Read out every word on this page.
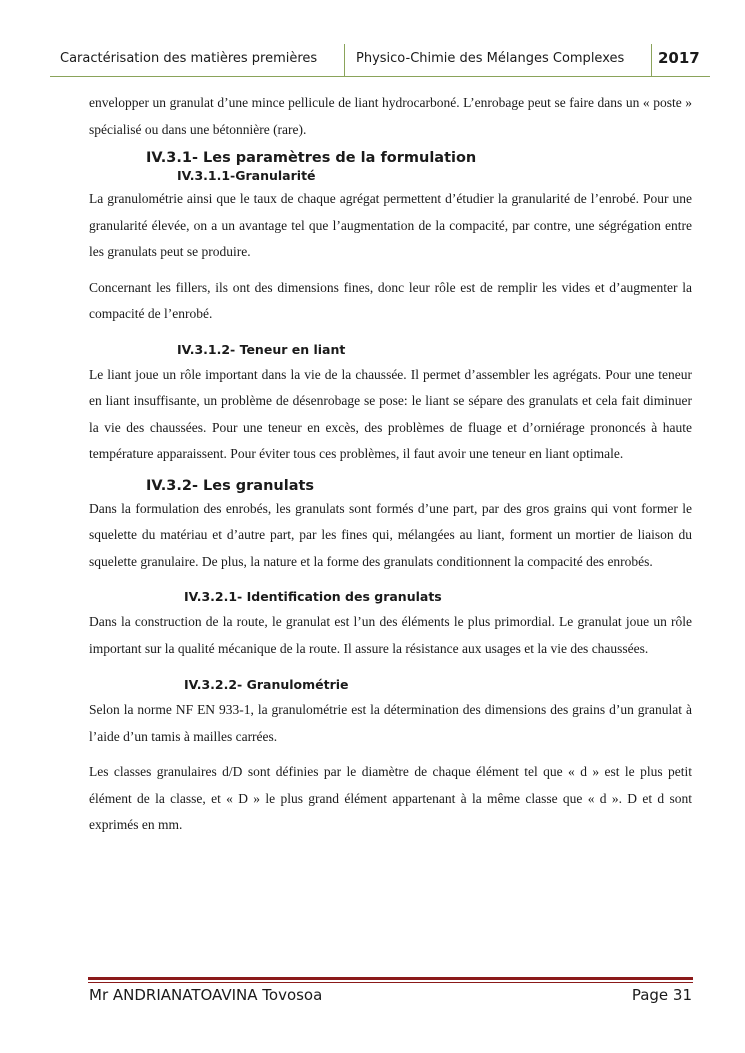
Caractérisation des matières premières	Physico-Chimie des Mélanges Complexes 2017

envelopper un granulat d’une mince pellicule de liant hydrocarboné. L’enrobage peut se faire dans un « poste » spécialisé ou dans une bétonnière (rare).

IV.3.1- Les paramètres de la formulation
IV.3.1.1-Granularité

La granulométrie ainsi que le taux de chaque agrégat permettent d’étudier la granularité de l’enrobé. Pour une granularité élevée, on a un avantage tel que l’augmentation de la compacité, par contre, une ségrégation entre les granulats peut se produire.

Concernant les fillers, ils ont des dimensions fines, donc leur rôle est de remplir les vides et d’augmenter la compacité de l’enrobé.

IV.3.1.2- Teneur en liant

Le liant joue un rôle important dans la vie de la chaussée. Il permet d’assembler les agrégats. Pour une teneur en liant insuffisante, un problème de désenrobage se pose: le liant se sépare des granulats et cela fait diminuer la vie des chaussées. Pour une teneur en excès, des problèmes de fluage et d’orniérage prononcés à haute température apparaissent. Pour éviter tous ces problèmes, il faut avoir une teneur en liant optimale.

IV.3.2- Les granulats

Dans la formulation des enrobés, les granulats sont formés d’une part, par des gros grains qui vont former le squelette du matériau et d’autre part, par les fines qui, mélangées au liant, forment un mortier de liaison du squelette granulaire. De plus, la nature et la forme des granulats conditionnent la compacité des enrobés.

IV.3.2.1- Identification des granulats

Dans la construction de la route, le granulat est l’un des éléments le plus primordial. Le granulat joue un rôle important sur la qualité mécanique de la route. Il assure la résistance aux usages et la vie des chaussées.

IV.3.2.2- Granulométrie

Selon la norme NF EN 933-1, la granulométrie est la détermination des dimensions des grains d’un granulat à l’aide d’un tamis à mailles carrées.

Les classes granulaires d/D sont définies par le diamètre de chaque élément tel que « d » est le plus petit élément de la classe, et « D » le plus grand élément appartenant à la même classe que « d ». D et d sont exprimés en mm.

Mr ANDRIANATOAVINA Tovosoa	Page 31
